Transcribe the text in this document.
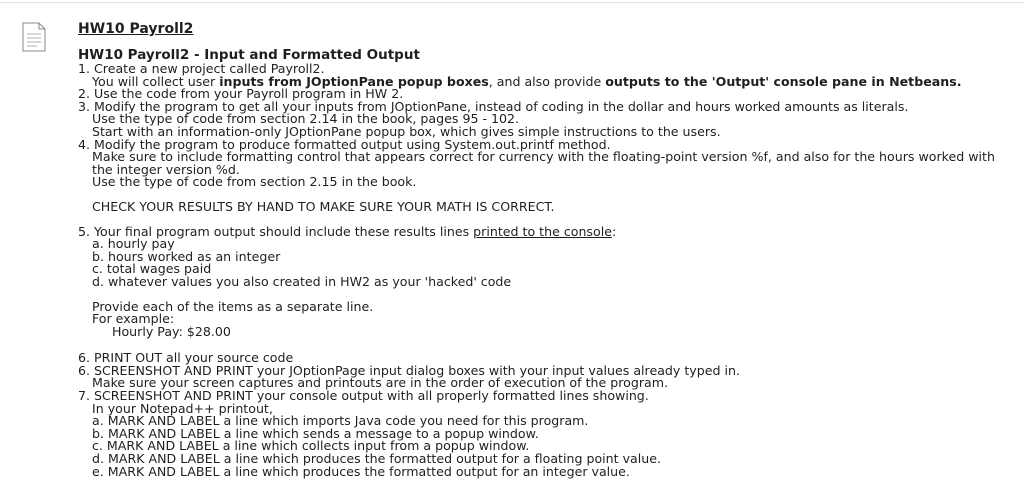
HW10 Payroll2
HW10 Payroll2 - Input and Formatted Output
1. Create a new project called Payroll2.
You will collect user inputs from JOptionPane popup boxes, and also provide outputs to the 'Output' console pane in Netbeans.
2. Use the code from your Payroll program in HW 2.
3. Modify the program to get all your inputs from JOptionPane, instead of coding in the dollar and hours worked amounts as literals.
Use the type of code from section 2.14 in the book, pages 95 - 102.
Start with an information-only JOptionPane popup box, which gives simple instructions to the users.
4. Modify the program to produce formatted output using System.out.printf method.
Make sure to include formatting control that appears correct for currency with the floating-point version %f, and also for the hours worked with the integer version %d.
Use the type of code from section 2.15 in the book.
CHECK YOUR RESULTS BY HAND TO MAKE SURE YOUR MATH IS CORRECT.
5. Your final program output should include these results lines printed to the console:
a. hourly pay
b. hours worked as an integer
c. total wages paid
d. whatever values you also created in HW2 as your 'hacked' code
Provide each of the items as a separate line.
For example:
Hourly Pay: $28.00
6. PRINT OUT all your source code
6. SCREENSHOT AND PRINT your JOptionPage input dialog boxes with your input values already typed in.
Make sure your screen captures and printouts are in the order of execution of the program.
7. SCREENSHOT AND PRINT your console output with all properly formatted lines showing.
In your Notepad++ printout,
a. MARK AND LABEL a line which imports Java code you need for this program.
b. MARK AND LABEL a line which sends a message to a popup window.
c. MARK AND LABEL a line which collects input from a popup window.
d. MARK AND LABEL a line which produces the formatted output for a floating point value.
e. MARK AND LABEL a line which produces the formatted output for an integer value.
